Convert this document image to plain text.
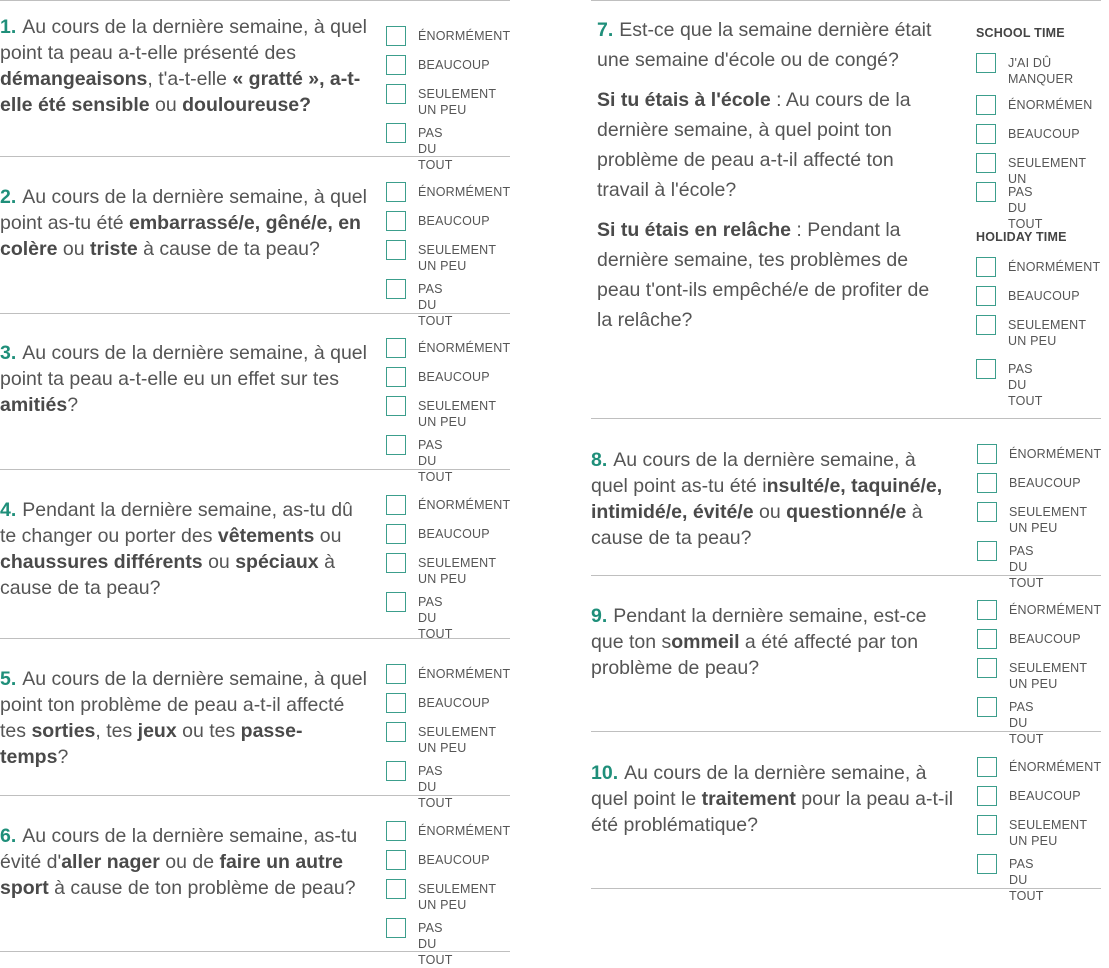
1. Au cours de la dernière semaine, à quel point ta peau a-t-elle présenté des démangeaisons, t'a-t-elle « gratté », a-t-elle été sensible ou douloureuse?
ÉNORMÉMENT
BEAUCOUP
SEULEMENT UN PEU
PAS DU TOUT
2. Au cours de la dernière semaine, à quel point as-tu été embarrassé/e, gêné/e, en colère ou triste à cause de ta peau?
ÉNORMÉMENT
BEAUCOUP
SEULEMENT UN PEU
PAS DU TOUT
3. Au cours de la dernière semaine, à quel point ta peau a-t-elle eu un effet sur tes amitiés?
ÉNORMÉMENT
BEAUCOUP
SEULEMENT UN PEU
PAS DU TOUT
4. Pendant la dernière semaine, as-tu dû te changer ou porter des vêtements ou chaussures différents ou spéciaux à cause de ta peau?
ÉNORMÉMENT
BEAUCOUP
SEULEMENT UN PEU
PAS DU TOUT
5. Au cours de la dernière semaine, à quel point ton problème de peau a-t-il affecté tes sorties, tes jeux ou tes passe-temps?
ÉNORMÉMENT
BEAUCOUP
SEULEMENT UN PEU
PAS DU TOUT
6. Au cours de la dernière semaine, as-tu évité d'aller nager ou de faire un autre sport à cause de ton problème de peau?
ÉNORMÉMENT
BEAUCOUP
SEULEMENT UN PEU
PAS DU TOUT
7. Est-ce que la semaine dernière était une semaine d'école ou de congé?
Si tu étais à l'école : Au cours de la dernière semaine, à quel point ton problème de peau a-t-il affecté ton travail à l'école?
Si tu étais en relâche : Pendant la dernière semaine, tes problèmes de peau t'ont-ils empêché/e de profiter de la relâche?
SCHOOL TIME
J'AI DÛ MANQUER
ÉNORMÉMEN
BEAUCOUP
SEULEMENT UN
PAS DU TOUT
HOLIDAY TIME
ÉNORMÉMENT
BEAUCOUP
SEULEMENT UN PEU
PAS DU TOUT
8. Au cours de la dernière semaine, à quel point as-tu été insulté/e, taquiné/e, intimidé/e, évité/e ou questionné/e à cause de ta peau?
ÉNORMÉMENT
BEAUCOUP
SEULEMENT UN PEU
PAS DU TOUT
9. Pendant la dernière semaine, est-ce que ton sommeil a été affecté par ton problème de peau?
ÉNORMÉMENT
BEAUCOUP
SEULEMENT UN PEU
PAS DU TOUT
10. Au cours de la dernière semaine, à quel point le traitement pour la peau a-t-il été problématique?
ÉNORMÉMENT
BEAUCOUP
SEULEMENT UN PEU
PAS DU TOUT
